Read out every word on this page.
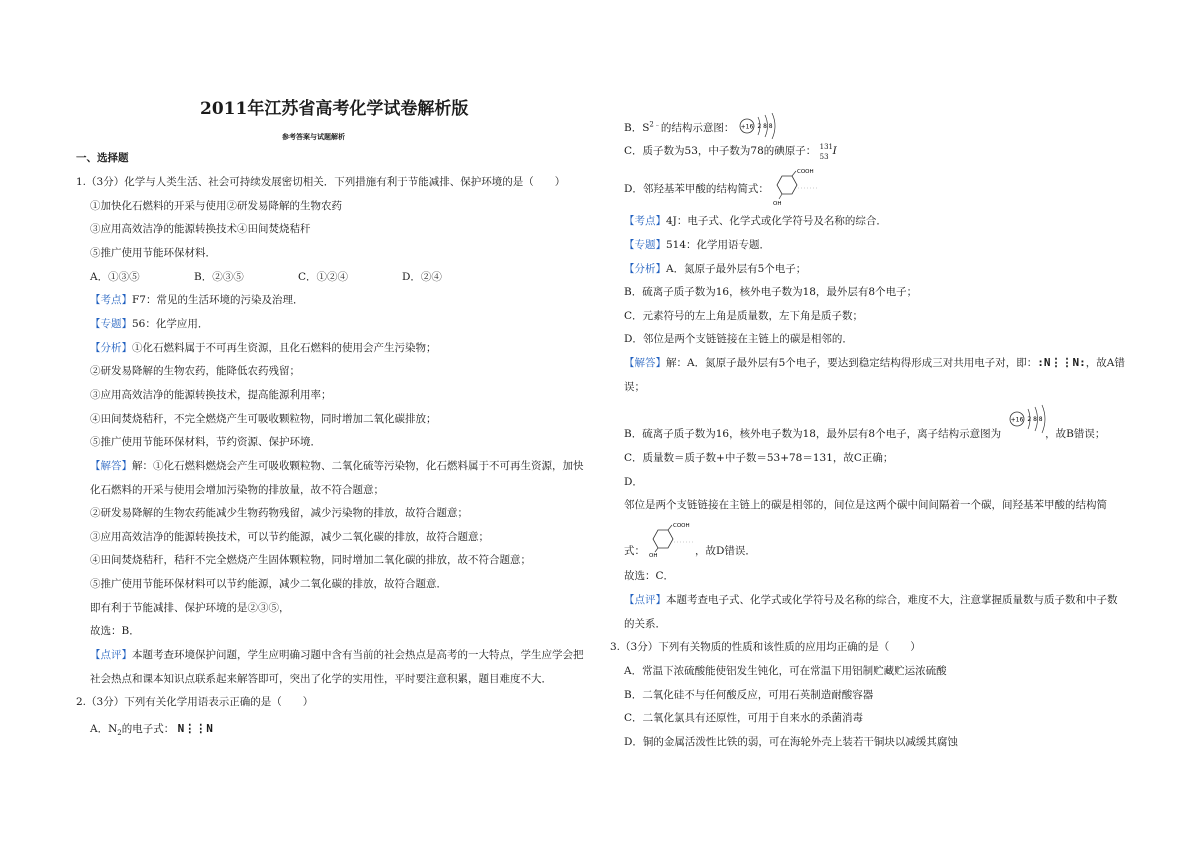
2011年江苏省高考化学试卷解析版
参考答案与试题解析
一、选择题
1.（3分）化学与人类生活、社会可持续发展密切相关．下列措施有利于节能减排、保护环境的是（　　）
①加快化石燃料的开采与使用②研发易降解的生物农药
③应用高效洁净的能源转换技术④田间焚烧秸秆
⑤推广使用节能环保材料．
A．①③⑤	B．②③⑤	C．①②④	D．②④
【考点】F7：常见的生活环境的污染及治理．
【专题】56：化学应用．
【分析】①化石燃料属于不可再生资源，且化石燃料的使用会产生污染物；
②研发易降解的生物农药，能降低农药残留；
③应用高效洁净的能源转换技术，提高能源利用率；
④田间焚烧秸秆，不完全燃烧产生可吸收颗粒物，同时增加二氧化碳排放；
⑤推广使用节能环保材料，节约资源、保护环境．
【解答】解：①化石燃料燃烧会产生可吸收颗粒物、二氧化硫等污染物，化石燃料属于不可再生资源，加快
化石燃料的开采与使用会增加污染物的排放量，故不符合题意；
②研发易降解的生物农药能减少生物药物残留，减少污染物的排放，故符合题意；
③应用高效洁净的能源转换技术，可以节约能源，减少二氧化碳的排放，故符合题意；
④田间焚烧秸秆，秸秆不完全燃烧产生固体颗粒物，同时增加二氧化碳的排放，故不符合题意；
⑤推广使用节能环保材料可以节约能源，减少二氧化碳的排放，故符合题意．
即有利于节能减排、保护环境的是②③⑤，
故选：B．
【点评】本题考查环境保护问题，学生应明确习题中含有当前的社会热点是高考的一大特点，学生应学会把
社会热点和课本知识点联系起来解答即可，突出了化学的实用性，平时要注意积累，题目难度不大．
2.（3分）下列有关化学用语表示正确的是（　　）
A．$N_2$的电子式： N⋮⋮N
B．$S^{2﹣}$的结构示意图： +16 2 8 8
C．质子数为53，中子数为78的碘原子： 131
53 I
D．邻羟基苯甲酸的结构简式：
COOH
OH
【考点】4J：电子式、化学式或化学符号及名称的综合．
【专题】514：化学用语专题．
【分析】A．氮原子最外层有5个电子；
B．硫离子质子数为16，核外电子数为18，最外层有8个电子；
C．元素符号的左上角是质量数，左下角是质子数；
D．邻位是两个支链链接在主链上的碳是相邻的．
【解答】解：A．氮原子最外层有5个电子，要达到稳定结构得形成三对共用电子对，即：:N⋮⋮N:，故A错
误；
+16 2 8 8
B．硫离子质子数为16，核外电子数为18，最外层有8个电子，离子结构示意图为	，故B错误；
C．质量数＝质子数+中子数＝53+78＝131，故C正确；
D．
邻位是两个支链链接在主链上的碳是相邻的，间位是这两个碳中间间隔着一个碳，间羟基苯甲酸的结构简
COOH
OH
式：	，故D错误．
故选：C．
【点评】本题考查电子式、化学式或化学符号及名称的综合，难度不大，注意掌握质量数与质子数和中子数
的关系．
3.（3分）下列有关物质的性质和该性质的应用均正确的是（　　）
A．常温下浓硫酸能使铝发生钝化，可在常温下用铝制贮藏贮运浓硫酸
B．二氧化硅不与任何酸反应，可用石英制造耐酸容器
C．二氧化氯具有还原性，可用于自来水的杀菌消毒
D．铜的金属活泼性比铁的弱，可在海轮外壳上装若干铜块以减缓其腐蚀
